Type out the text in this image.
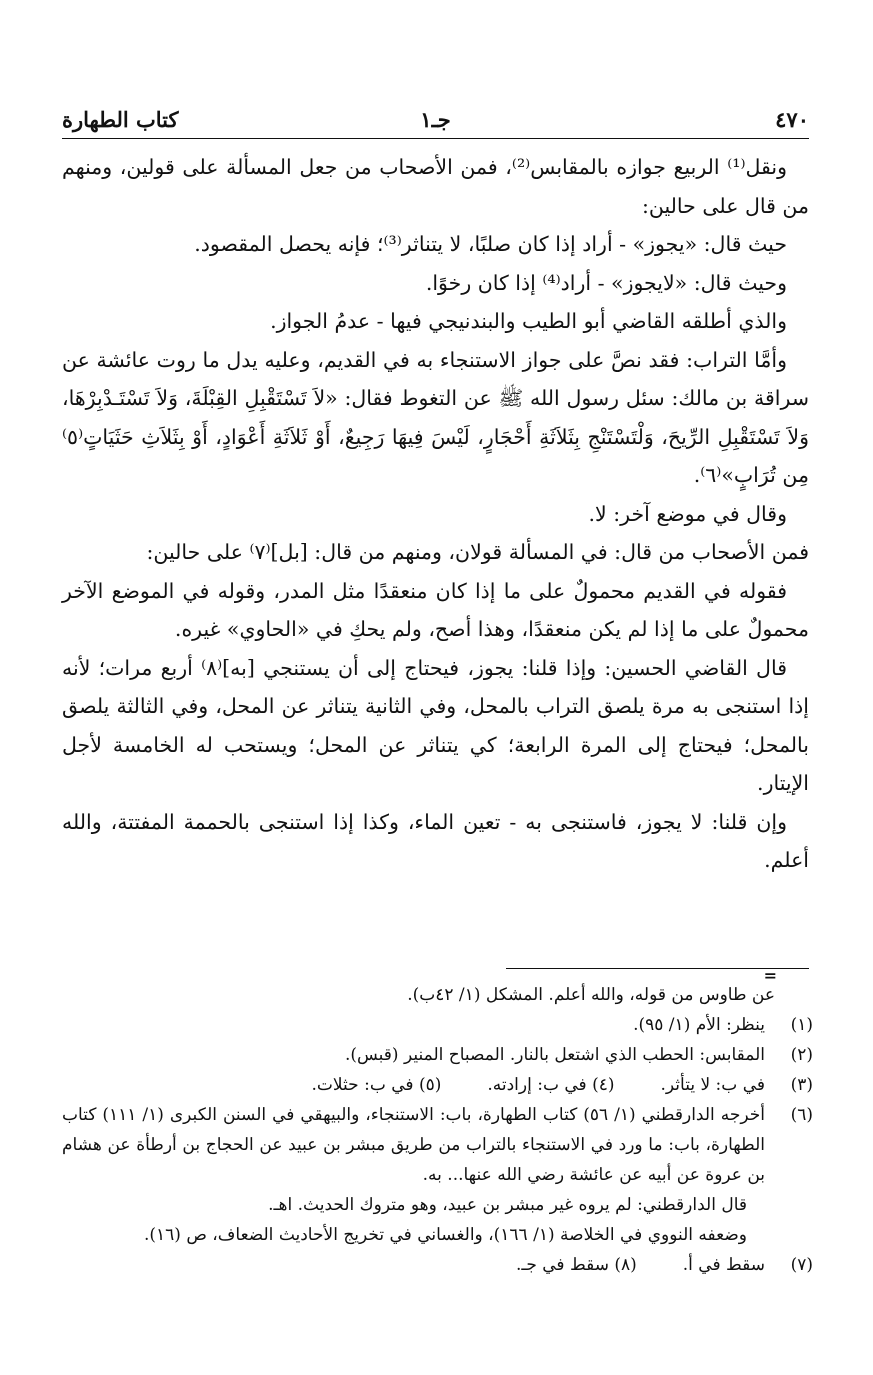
٤٧٠
جـ١
كتاب الطهارة

ونقل⁽¹⁾ الربيع جوازه بالمقابس⁽²⁾، فمن الأصحاب من جعل المسألة على قولين، ومنهم من قال على حالين:

حيث قال: «يجوز» - أراد إذا كان صلبًا، لا يتناثر⁽³⁾؛ فإنه يحصل المقصود.

وحيث قال: «لايجوز» - أراد⁽⁴⁾ إذا كان رخوًا.

والذي أطلقه القاضي أبو الطيب والبندنيجي فيها - عدمُ الجواز.

وأمَّا التراب: فقد نصَّ على جواز الاستنجاء به في القديم، وعليه يدل ما روت عائشة عن سراقة بن مالك: سئل رسول الله ﷺ عن التغوط فقال: «لاَ تَسْتَقْبِلِ القِبْلَةَ، وَلاَ تَسْتَـدْبِرْهَا، وَلاَ تَسْتَقْبِلِ الرِّيحَ، وَلْتَسْتَنْجِ بِثَلاَثَةِ أَحْجَارٍ، لَيْسَ فِيهَا رَجِيعٌ، أَوْ ثَلاَثَةِ أَعْوَادٍ، أَوْ بِثَلاَثِ حَثَيَاتٍ⁽٥⁾ مِن تُرَابٍ»⁽٦⁾.

وقال في موضع آخر: لا.

فمن الأصحاب من قال: في المسألة قولان، ومنهم من قال: [بل]⁽٧⁾ على حالين:

فقوله في القديم محمولٌ على ما إذا كان منعقدًا مثل المدر، وقوله في الموضع الآخر محمولٌ على ما إذا لم يكن منعقدًا، وهذا أصح، ولم يحكِ في «الحاوي» غيره.

قال القاضي الحسين: وإذا قلنا: يجوز، فيحتاج إلى أن يستنجي [به]⁽٨⁾ أربع مرات؛ لأنه إذا استنجى به مرة يلصق التراب بالمحل، وفي الثانية يتناثر عن المحل، وفي الثالثة يلصق بالمحل؛ فيحتاج إلى المرة الرابعة؛ كي يتناثر عن المحل؛ ويستحب له الخامسة لأجل الإيتار.

وإن قلنا: لا يجوز، فاستنجى به - تعين الماء، وكذا إذا استنجى بالحممة المفتتة، والله أعلم.

=
عن طاوس من قوله، والله أعلم. المشكل (١/ ٤٢ب).
(١)
ينظر: الأم (١/ ٩٥).
(٢)
المقابس: الحطب الذي اشتعل بالنار. المصباح المنير (قبس).
(٣)
في ب: لا يتأثر.
(٤) في ب: إرادته.
(٥) في ب: حثلات.
(٦)
أخرجه الدارقطني (١/ ٥٦) كتاب الطهارة، باب: الاستنجاء، والبيهقي في السنن الكبرى (١/ ١١١) كتاب الطهارة، باب: ما ورد في الاستنجاء بالتراب من طريق مبشر بن عبيد عن الحجاج بن أرطأة عن هشام بن عروة عن أبيه عن عائشة رضي الله عنها... به.
قال الدارقطني: لم يروه غير مبشر بن عبيد، وهو متروك الحديث. اهـ.
وضعفه النووي في الخلاصة (١/ ١٦٦)، والغساني في تخريج الأحاديث الضعاف، ص (١٦).
(٧)
سقط في أ.
(٨) سقط في جـ.
